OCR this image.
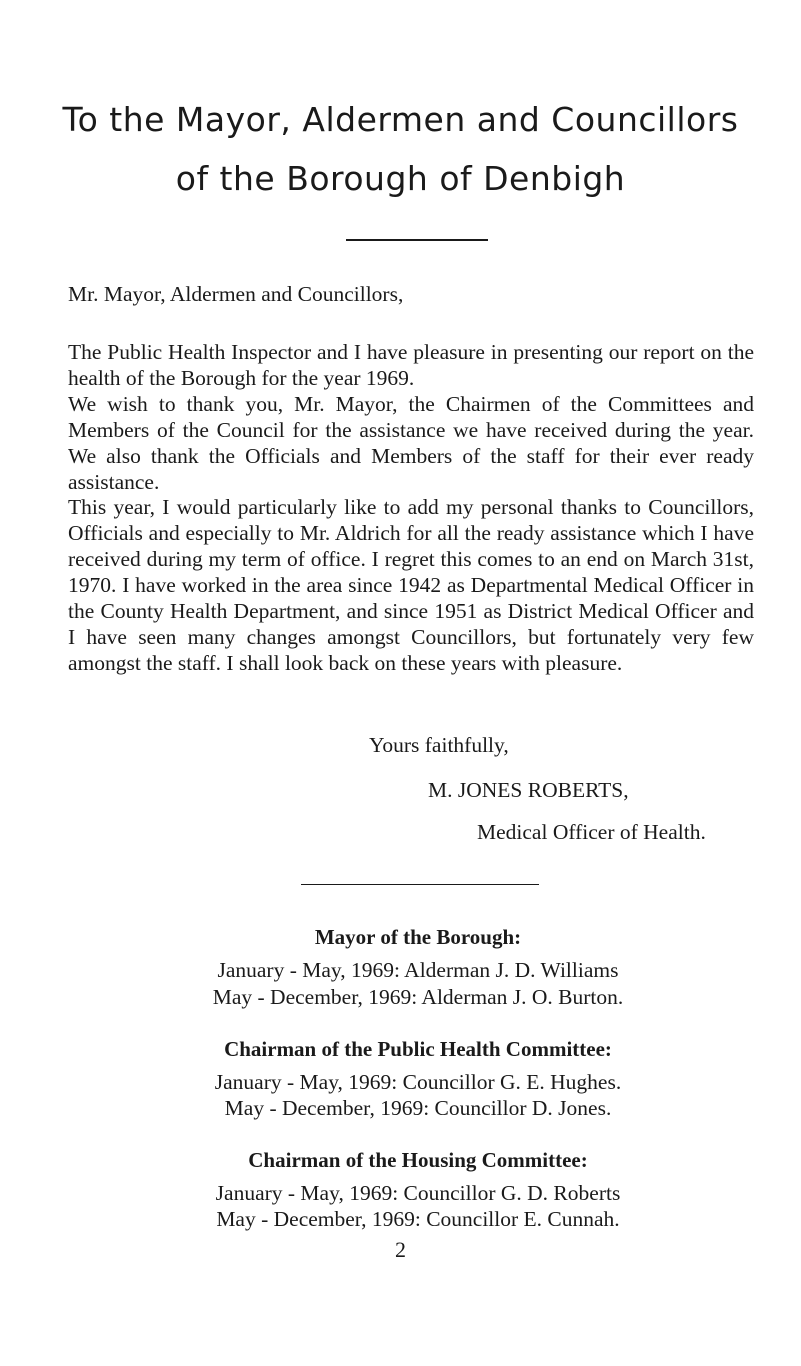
To the Mayor, Aldermen and Councillors
of the Borough of Denbigh
Mr. Mayor, Aldermen and Councillors,

The Public Health Inspector and I have pleasure in presenting our report on the health of the Borough for the year 1969.

We wish to thank you, Mr. Mayor, the Chairmen of the Committees and Members of the Council for the assistance we have received during the year. We also thank the Officials and Members of the staff for their ever ready assistance.

This year, I would particularly like to add my personal thanks to Councillors, Officials and especially to Mr. Aldrich for all the ready assistance which I have received during my term of office. I regret this comes to an end on March 31st, 1970. I have worked in the area since 1942 as Departmental Medical Officer in the County Health Department, and since 1951 as District Medical Officer and I have seen many changes amongst Councillors, but fortunately very few amongst the staff. I shall look back on these years with pleasure.

Yours faithfully,
M. JONES ROBERTS,
Medical Officer of Health.
Mayor of the Borough:
January - May, 1969: Alderman J. D. Williams
May - December, 1969: Alderman J. O. Burton.
Chairman of the Public Health Committee:
January - May, 1969: Councillor G. E. Hughes.
May - December, 1969: Councillor D. Jones.
Chairman of the Housing Committee:
January - May, 1969: Councillor G. D. Roberts
May - December, 1969: Councillor E. Cunnah.
2
